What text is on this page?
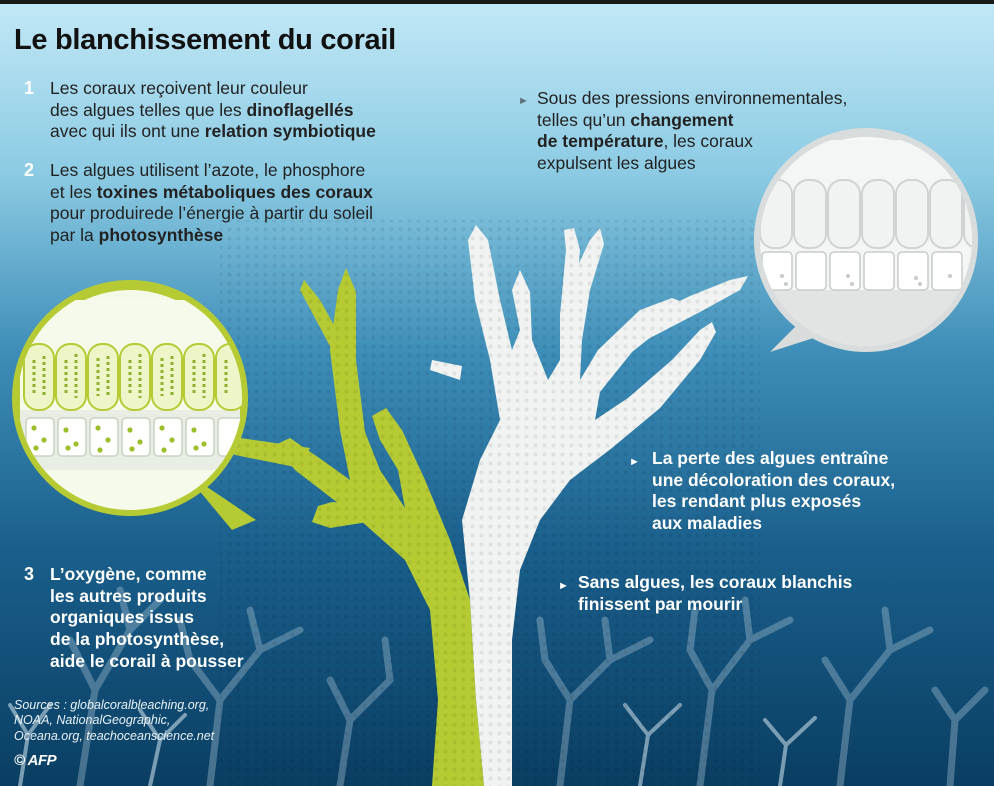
Le blanchissement du corail
1 Les coraux reçoivent leur couleur
des algues telles que les dinoflagellés
avec qui ils ont une relation symbiotique
2 Les algues utilisent l’azote, le phosphore
et les toxines métaboliques des coraux
pour produirede l’énergie à partir du soleil
par la photosynthèse
► Sous des pressions environnementales,
telles qu’un changement
de température, les coraux
expulsent les algues
► La perte des algues entraîne
une décoloration des coraux,
les rendant plus exposés
aux maladies
► Sans algues, les coraux blanchis
finissent par mourir
3 L’oxygène, comme
les autres produits
organiques issus
de la photosynthèse,
aide le corail à pousser
Sources : globalcoralbleaching.org,
NOAA, NationalGeographic,
Oceana.org, teachoceanscience.net
© AFP
